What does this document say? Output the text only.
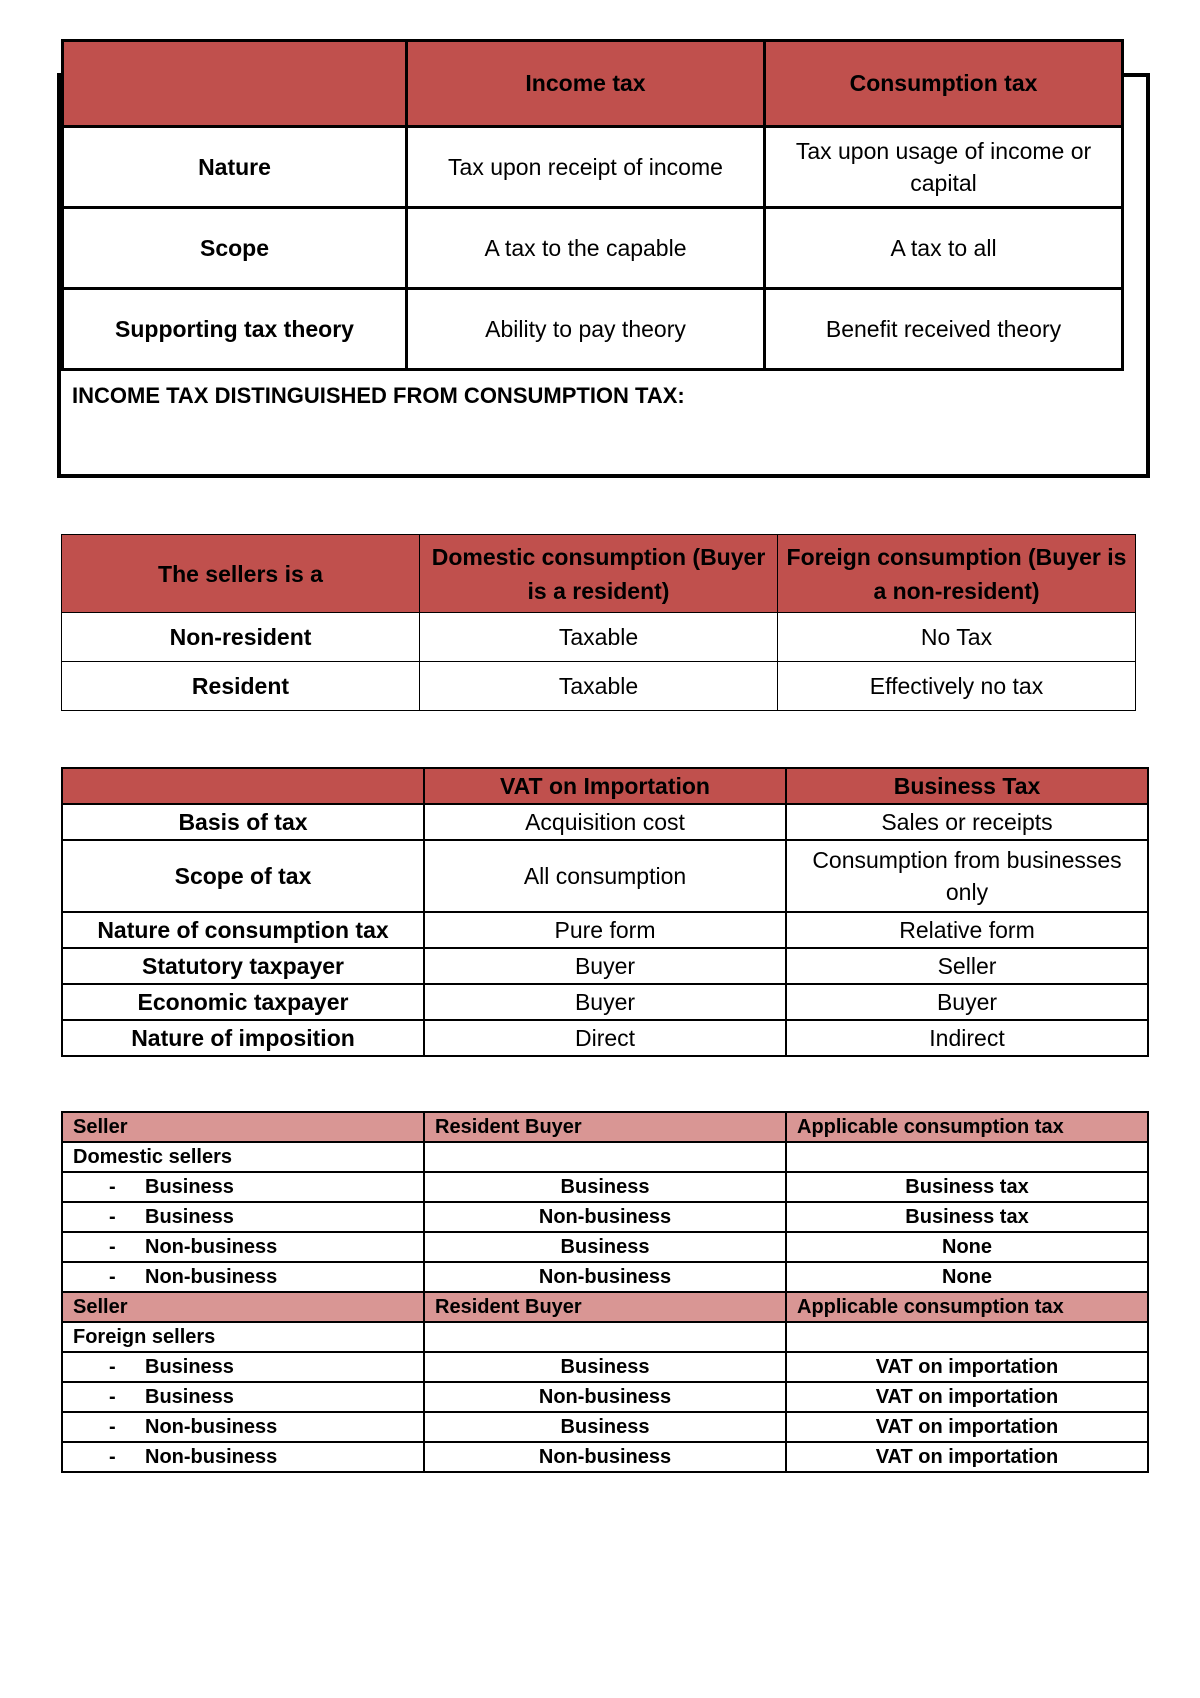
INCOME TAX DISTINGUISHED FROM CONSUMPTION TAX:
	Income tax	Consumption tax
Nature	Tax upon receipt of income	Tax upon usage of income or capital
Scope	A tax to the capable	A tax to all
Supporting tax theory	Ability to pay theory	Benefit received theory
The sellers is a	Domestic consumption (Buyer is a resident)	Foreign consumption (Buyer is a non-resident)
Non-resident	Taxable	No Tax
Resident	Taxable	Effectively no tax
	VAT on Importation	Business Tax
Basis of tax	Acquisition cost	Sales or receipts
Scope of tax	All consumption	Consumption from businesses only
Nature of consumption tax	Pure form	Relative form
Statutory taxpayer	Buyer	Seller
Economic taxpayer	Buyer	Buyer
Nature of imposition	Direct	Indirect
Seller	Resident Buyer	Applicable consumption tax
Domestic sellers		
- Business	Business	Business tax
- Business	Non-business	Business tax
- Non-business	Business	None
- Non-business	Non-business	None
Seller	Resident Buyer	Applicable consumption tax
Foreign sellers		
- Business	Business	VAT on importation
- Business	Non-business	VAT on importation
- Non-business	Business	VAT on importation
- Non-business	Non-business	VAT on importation
